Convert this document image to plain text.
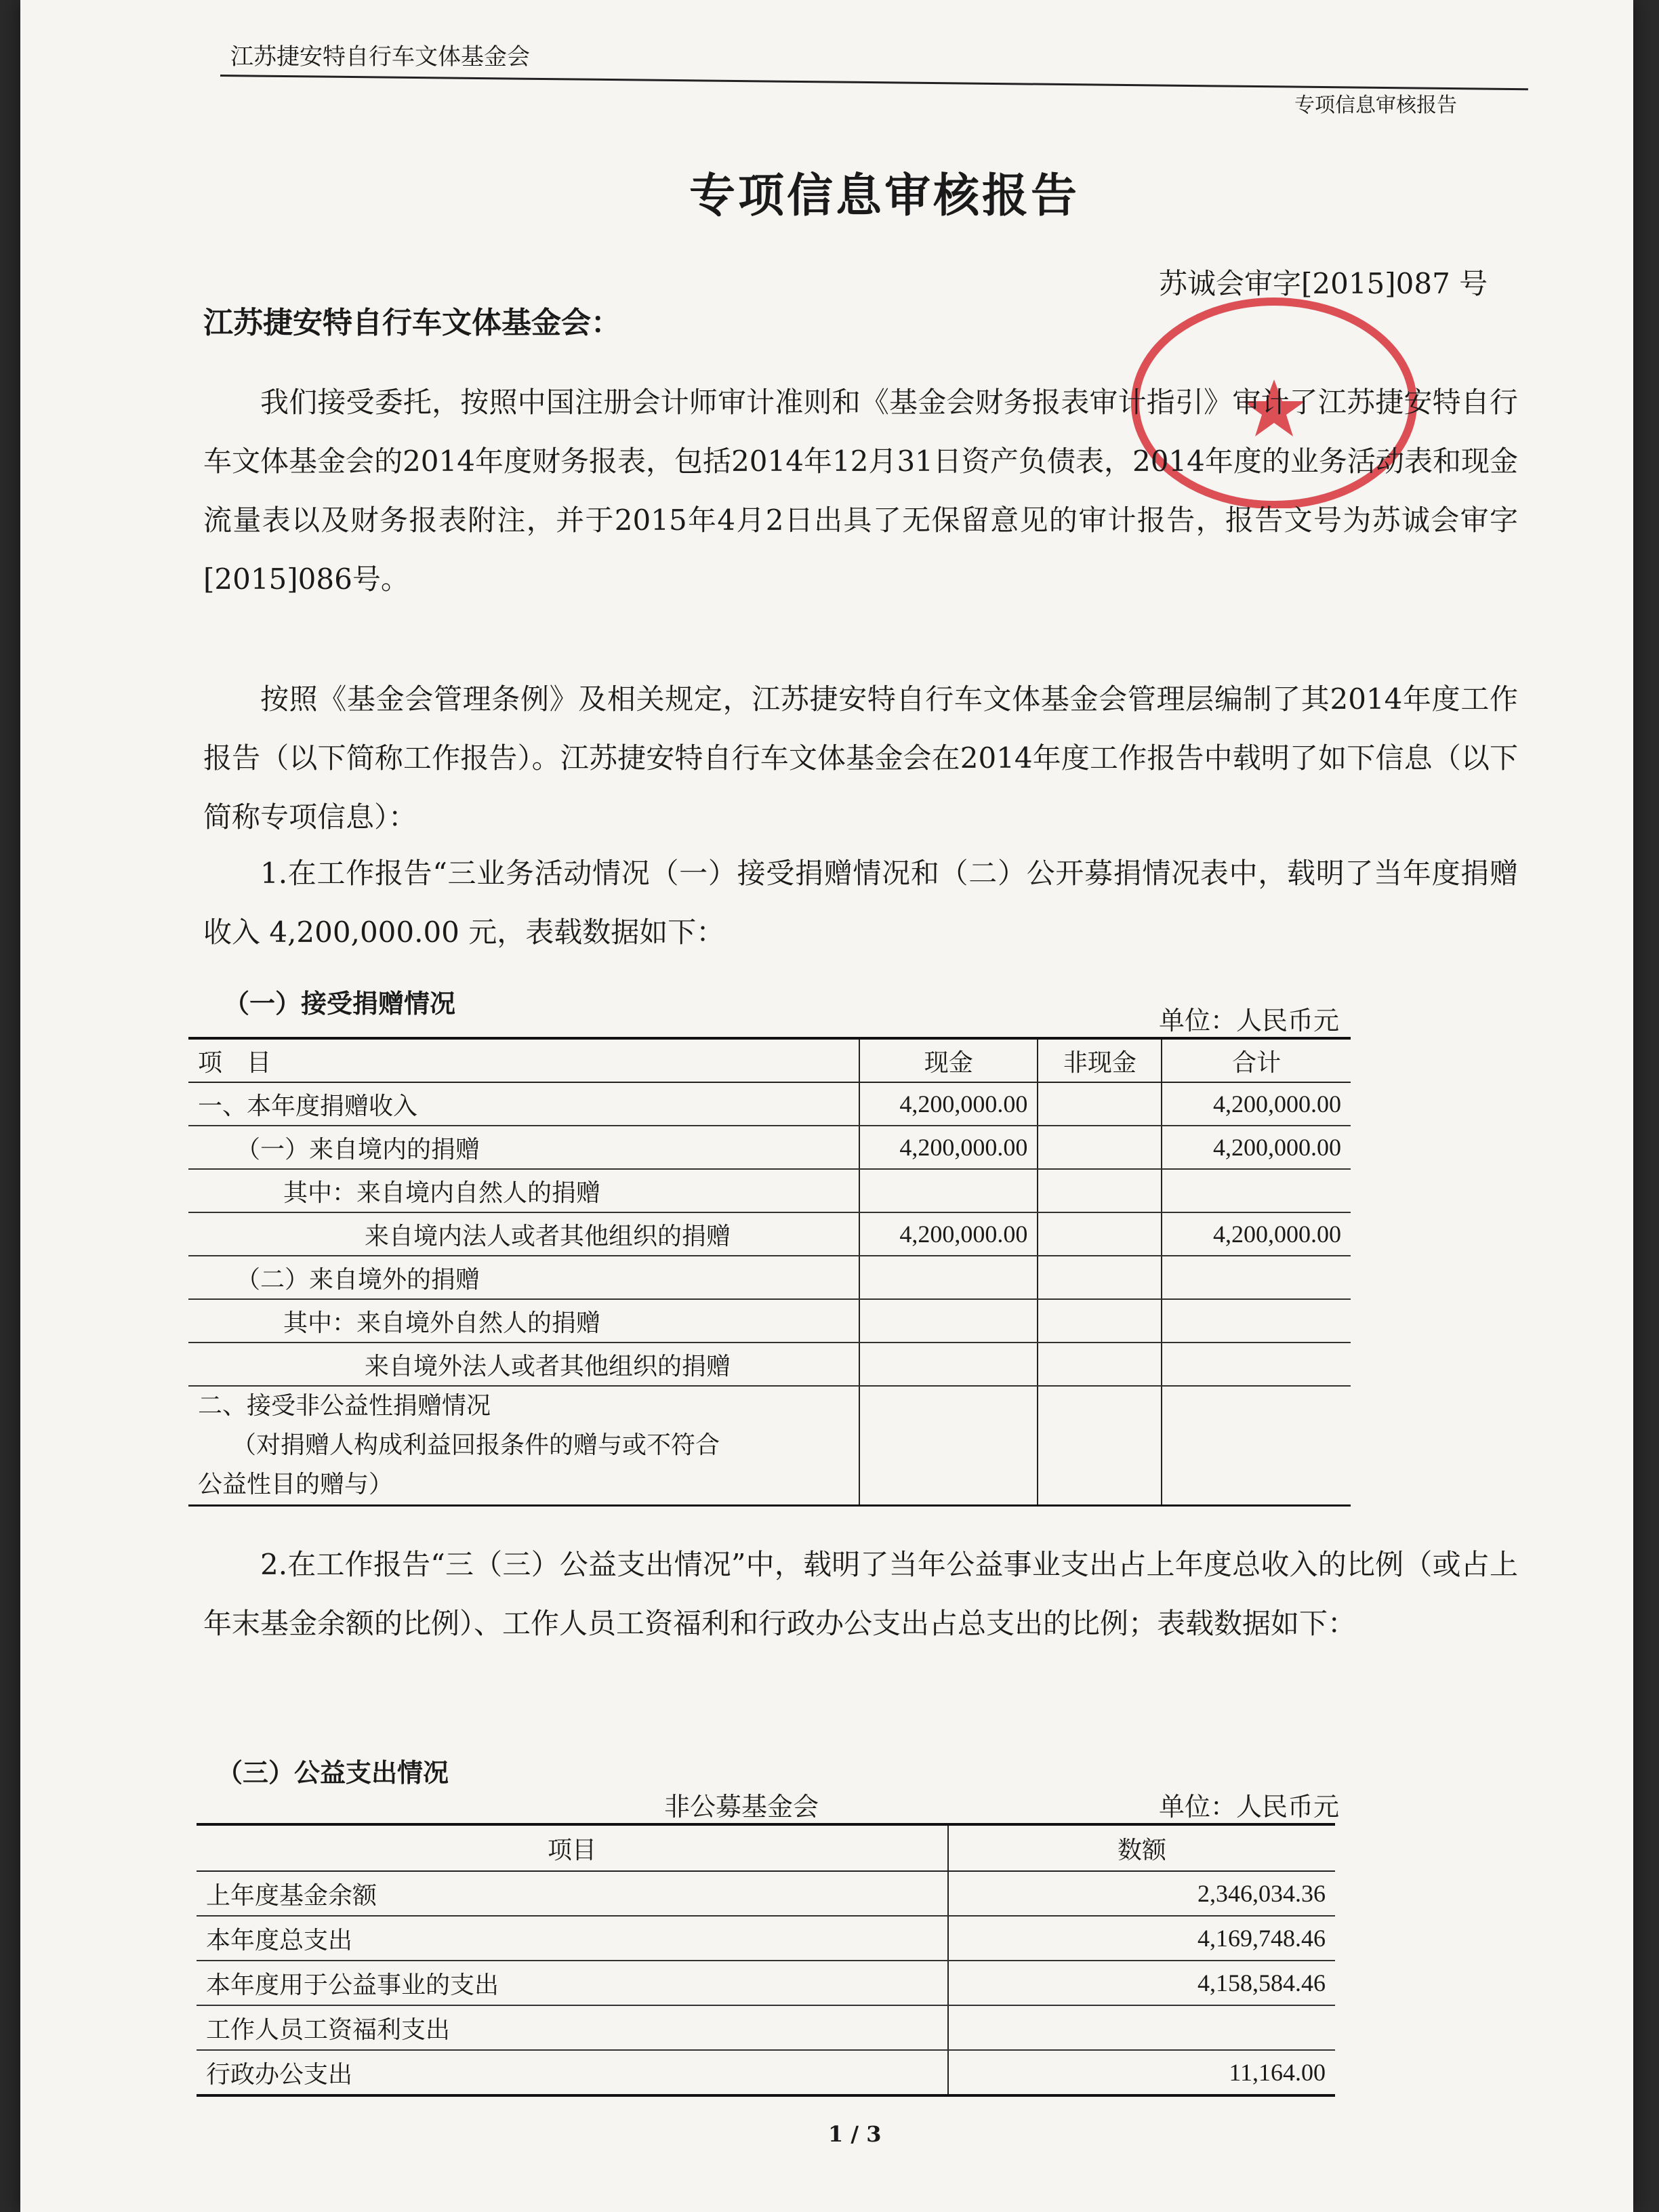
江苏捷安特自行车文体基金会
专项信息审核报告
专项信息审核报告
苏诚会审字[2015]087 号
江苏捷安特自行车文体基金会：

我们接受委托，按照中国注册会计师审计准则和《基金会财务报表审计指引》审计了江苏捷安特自行车文体基金会的2014年度财务报表，包括2014年12月31日资产负债表，2014年度的业务活动表和现金流量表以及财务报表附注，并于2015年4月2日出具了无保留意见的审计报告，报告文号为苏诚会审字[2015]086号。

按照《基金会管理条例》及相关规定，江苏捷安特自行车文体基金会管理层编制了其2014年度工作报告（以下简称工作报告）。江苏捷安特自行车文体基金会在2014年度工作报告中载明了如下信息（以下简称专项信息）：

1.在工作报告“三业务活动情况（一）接受捐赠情况和（二）公开募捐情况表中，载明了当年度捐赠收入 4,200,000.00 元，表载数据如下：

（一）接受捐赠情况
单位：人民币元
项　目	现金	非现金	合计
一、本年度捐赠收入	4,200,000.00		4,200,000.00
（一）来自境内的捐赠	4,200,000.00		4,200,000.00
其中：来自境内自然人的捐赠			
来自境内法人或者其他组织的捐赠	4,200,000.00		4,200,000.00
（二）来自境外的捐赠			
其中：来自境外自然人的捐赠			
来自境外法人或者其他组织的捐赠			

二、接受非公益性捐赠情况
（对捐赠人构成利益回报条件的赠与或不符合
公益性目的赠与）			

2.在工作报告“三（三）公益支出情况”中，载明了当年公益事业支出占上年度总收入的比例（或占上年末基金余额的比例）、工作人员工资福利和行政办公支出占总支出的比例；表载数据如下：

（三）公益支出情况
非公募基金会	单位：人民币元
项目	数额
上年度基金余额	2,346,034.36
本年度总支出	4,169,748.46
本年度用于公益事业的支出	4,158,584.46
工作人员工资福利支出	
行政办公支出	11,164.00
1 / 3
